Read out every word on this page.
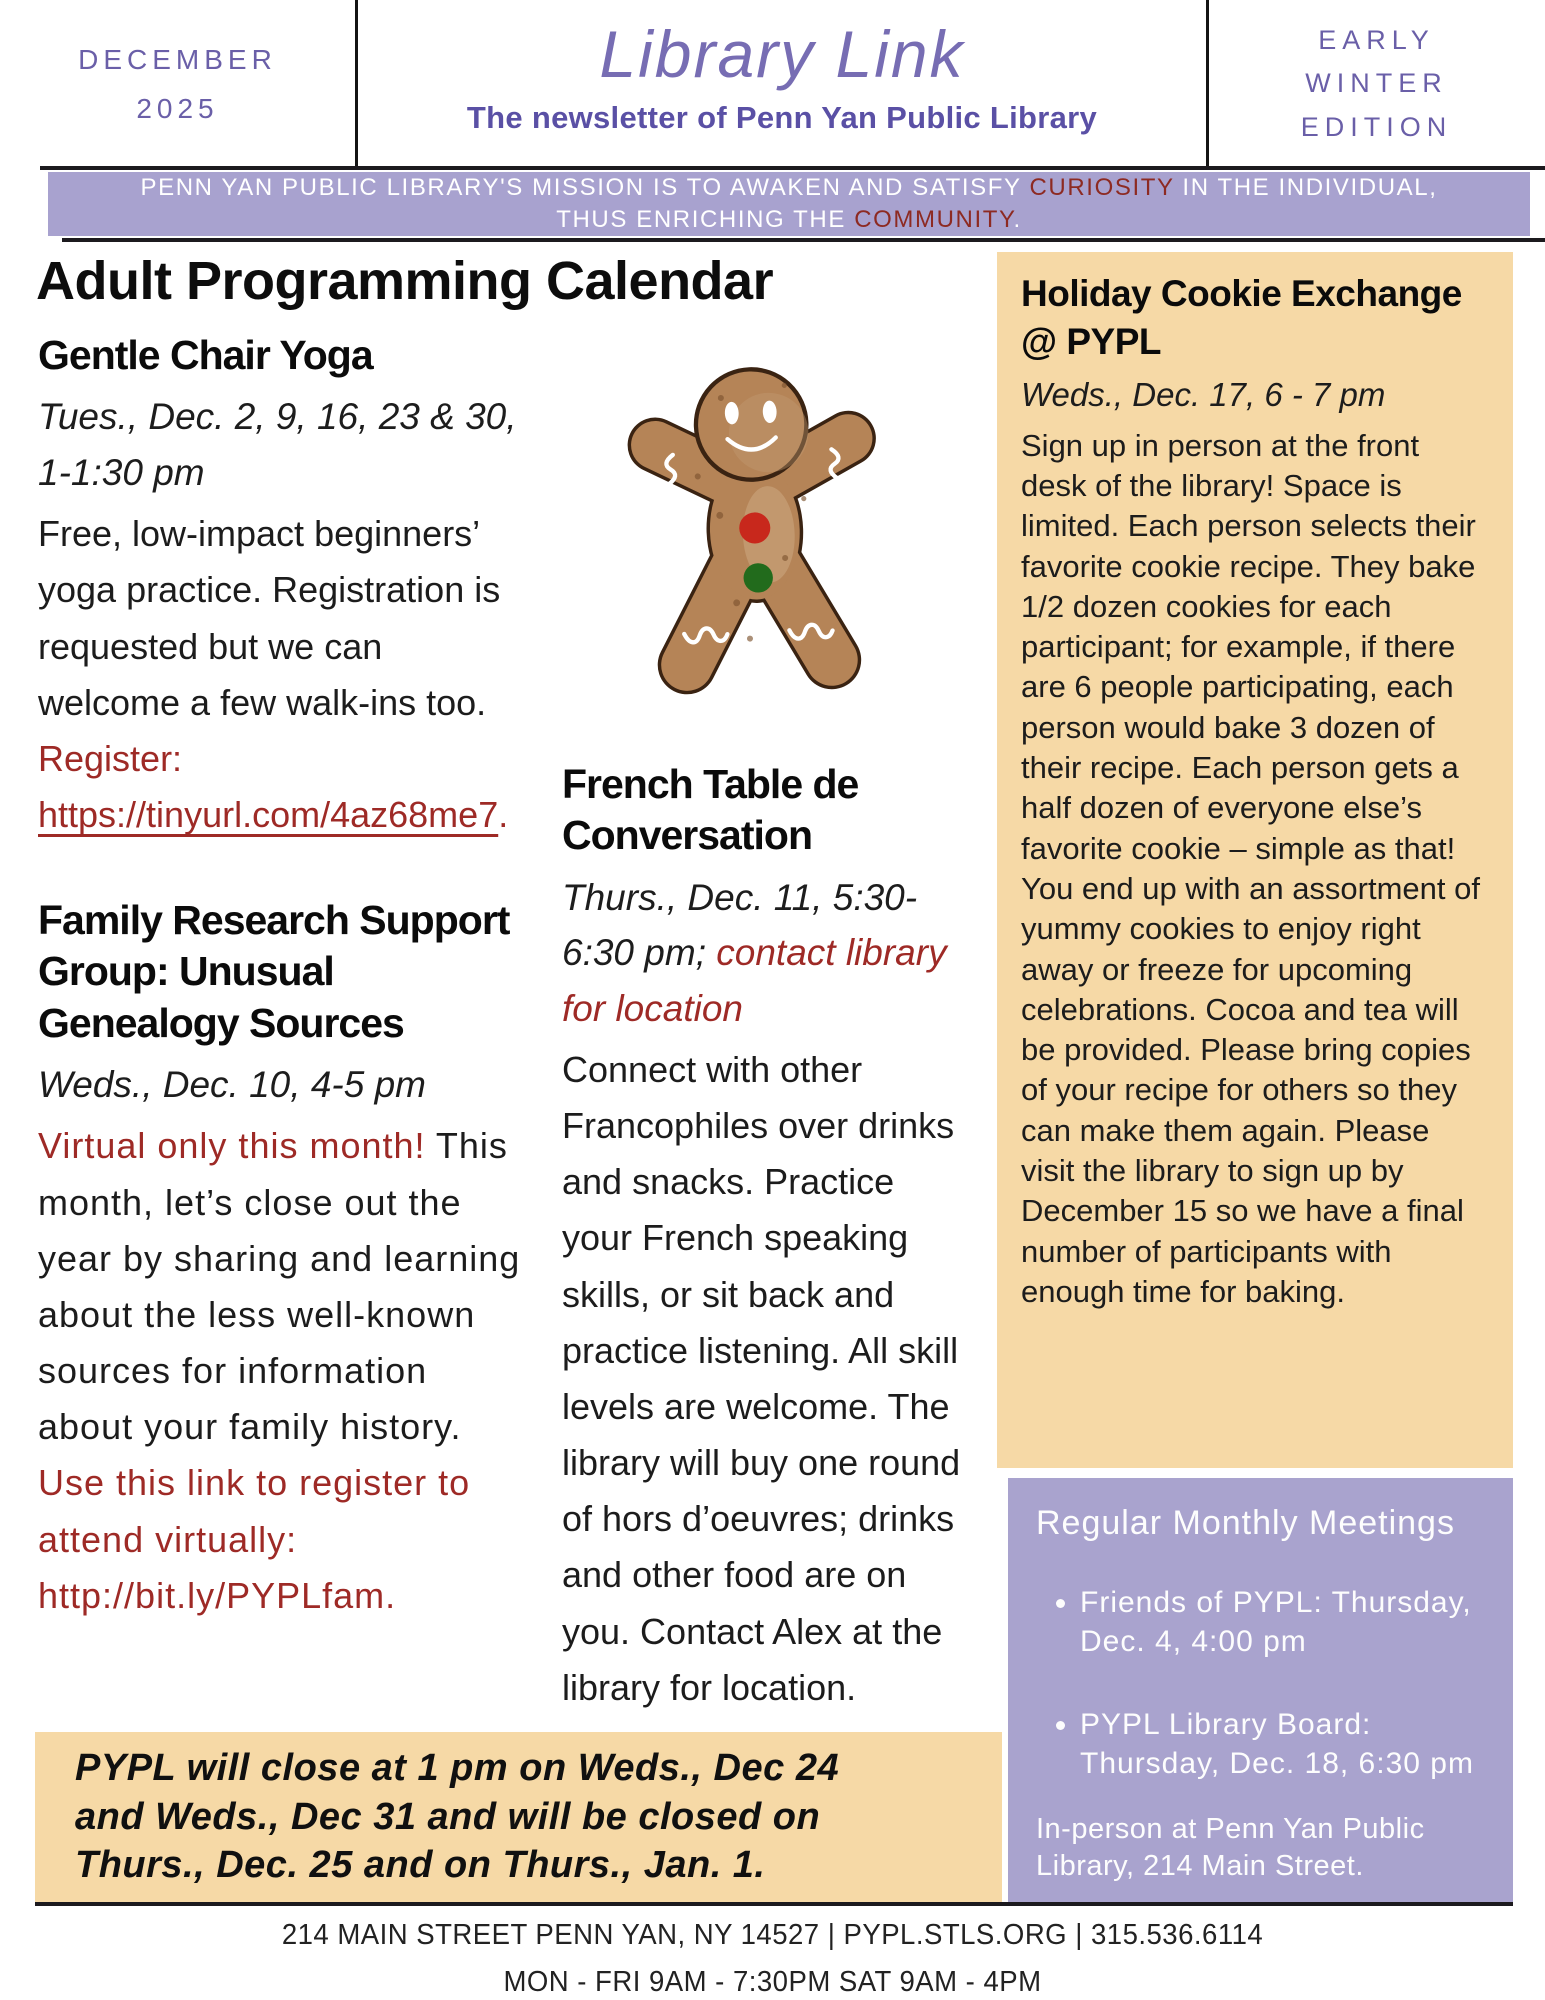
DECEMBER 2025
Library Link
The newsletter of Penn Yan Public Library
EARLY WINTER EDITION
PENN YAN PUBLIC LIBRARY'S MISSION IS TO AWAKEN AND SATISFY CURIOSITY IN THE INDIVIDUAL,
THUS ENRICHING THE COMMUNITY.
Adult Programming Calendar
Gentle Chair Yoga
Tues., Dec. 2, 9, 16, 23 & 30, 1-1:30 pm

Free, low-impact beginners’ yoga practice. Registration is requested but we can welcome a few walk-ins too. Register: https://tinyurl.com/4az68me7.

Family Research Support Group: Unusual Genealogy Sources
Weds., Dec. 10, 4-5 pm

Virtual only this month! This month, let’s close out the year by sharing and learning about the less well-known sources for information about your family history. Use this link to register to attend virtually: http://bit.ly/PYPLfam.

French Table de Conversation
Thurs., Dec. 11, 5:30-6:30 pm; contact library for location

Connect with other Francophiles over drinks and snacks. Practice your French speaking skills, or sit back and practice listening. All skill levels are welcome. The library will buy one round of hors d’oeuvres; drinks and other food are on you. Contact Alex at the library for location.

Holiday Cookie Exchange @ PYPL
Weds., Dec. 17, 6 - 7 pm

Sign up in person at the front desk of the library! Space is limited. Each person selects their favorite cookie recipe. They bake 1/2 dozen cookies for each participant; for example, if there are 6 people participating, each person would bake 3 dozen of their recipe. Each person gets a half dozen of everyone else’s favorite cookie – simple as that! You end up with an assortment of yummy cookies to enjoy right away or freeze for upcoming celebrations. Cocoa and tea will be provided. Please bring copies of your recipe for others so they can make them again. Please visit the library to sign up by December 15 so we have a final number of participants with enough time for baking.

Regular Monthly Meetings
• Friends of PYPL: Thursday, Dec. 4, 4:00 pm
• PYPL Library Board: Thursday, Dec. 18, 6:30 pm
In-person at Penn Yan Public Library, 214 Main Street.
PYPL will close at 1 pm on Weds., Dec 24
and Weds., Dec 31 and will be closed on
Thurs., Dec. 25 and on Thurs., Jan. 1.
214 MAIN STREET PENN YAN, NY 14527 | PYPL.STLS.ORG | 315.536.6114
MON - FRI 9AM - 7:30PM SAT 9AM - 4PM
